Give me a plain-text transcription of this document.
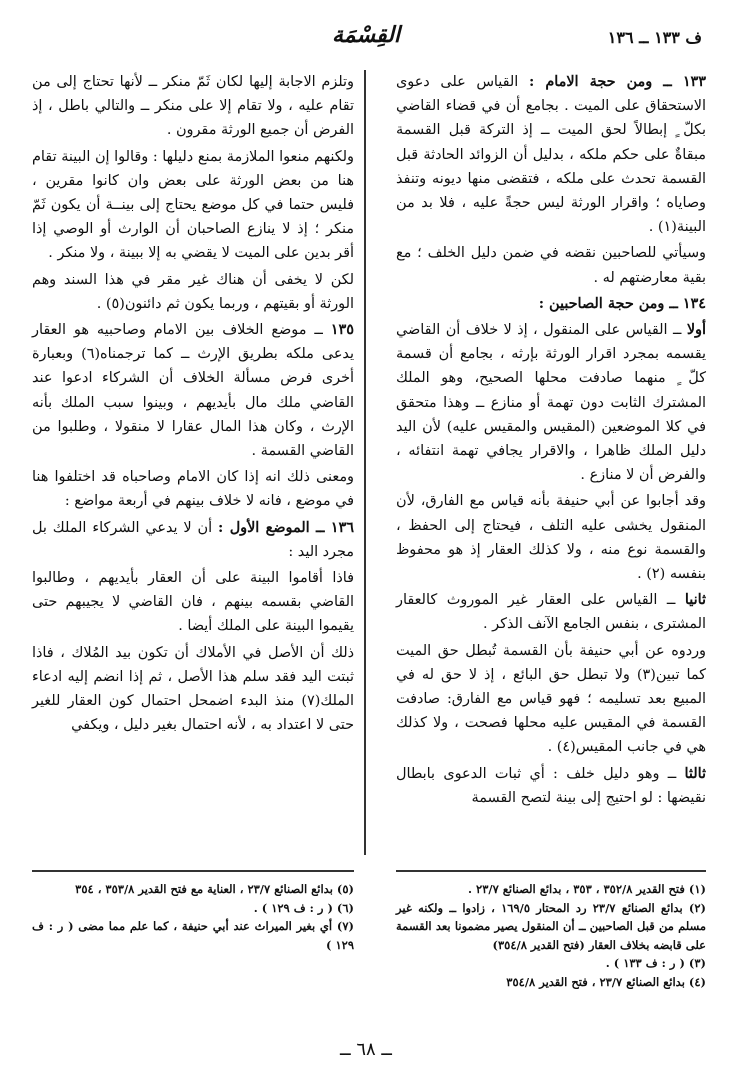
ف ١٣٣ ــ ١٣٦
القِسْمَة

١٣٣ ــ ومن حجة الامام : القياس على دعوى الاستحقاق على الميت . بجامع أن في قضاء القاضي بكلّ ٍ إبطالاً لحق الميت ــ إذ التركة قبل القسمة مبقاةٌ على حكم ملكه ، بدليل أن الزوائد الحادثة قبل القسمة تحدث على ملكه ، فتقضى منها ديونه وتنفذ وصاياه ؛ واقرار الورثة ليس حجةً عليه ، فلا بد من البينة(١) .

وسيأتي للصاحبين نقضه في ضمن دليل الخلف ؛ مع بقية معارضتهم له .

١٣٤ ــ ومن حجة الصاحبين :

أولا ــ القياس على المنقول ، إذ لا خلاف أن القاضي يقسمه بمجرد اقرار الورثة بإرثه ، بجامع أن قسمة كلّ ٍ منهما صادفت محلها الصحيح، وهو الملك المشترك الثابت دون تهمة أو منازع ــ وهذا متحقق في كلا الموضعين (المقيس والمقيس عليه) لأن اليد دليل الملك ظاهرا ، والاقرار يجافي تهمة انتفائه ، والفرض أن لا منازع .

وقد أجابوا عن أبي حنيفة بأنه قياس مع الفارق، لأن المنقول يخشى عليه التلف ، فيحتاج إلى الحفظ ، والقسمة نوع منه ، ولا كذلك العقار إذ هو محفوظ بنفسه (٢) .

ثانيا ــ القياس على العقار غير الموروث كالعقار المشترى ، بنفس الجامع الآنف الذكر .

وردوه عن أبي حنيفة بأن القسمة تُبطل حق الميت كما تبين(٣) ولا تبطل حق البائع ، إذ لا حق له في المبيع بعد تسليمه ؛ فهو قياس مع الفارق: صادفت القسمة في المقيس عليه محلها فصحت ، ولا كذلك هي في جانب المقيس(٤) .

ثالثا ــ وهو دليل خلف : أي ثبات الدعوى بابطال نقيضها : لو احتيج إلى بينة لتصح القسمة

وتلزم الاجابة إليها لكان ثَمّ منكر ــ لأنها تحتاج إلى من تقام عليه ، ولا تقام إلا على منكر ــ والتالي باطل ، إذ الفرض أن جميع الورثة مقرون .

ولكنهم منعوا الملازمة بمنع دليلها : وقالوا إن البينة تقام هنا من بعض الورثة على بعض وان كانوا مقرين ، فليس حتما في كل موضع يحتاج إلى بينــة أن يكون ثَمّ منكر ؛ إذ لا ينازع الصاحبان أن الوارث أو الوصي إذا أقر بدين على الميت لا يقضي به إلا ببينة ، ولا منكر .

لكن لا يخفى أن هناك غير مقر في هذا السند وهم الورثة أو بقيتهم ، وربما يكون ثم دائنون(٥) .

١٣٥ ــ موضع الخلاف بين الامام وصاحبيه هو العقار يدعى ملكه بطريق الإرث ــ كما ترجمناه(٦) وبعبارة أخرى فرض مسألة الخلاف أن الشركاء ادعوا عند القاضي ملك مال بأيديهم ، وبينوا سبب الملك بأنه الإرث ، وكان هذا المال عقارا لا منقولا ، وطلبوا من القاضي القسمة .

ومعنى ذلك انه إذا كان الامام وصاحباه قد اختلفوا هنا في موضع ، فانه لا خلاف بينهم في أربعة مواضع :

١٣٦ ــ الموضع الأول : أن لا يدعي الشركاء الملك بل مجرد اليد :

فاذا أقاموا البينة على أن العقار بأيديهم ، وطالبوا القاضي بقسمه بينهم ، فان القاضي لا يجيبهم حتى يقيموا البينة على الملك أيضا .

ذلك أن الأصل في الأملاك أن تكون بيد المُلاك ، فاذا ثبتت اليد فقد سلم هذا الأصل ، ثم إذا انضم إليه ادعاء الملك(٧) منذ البدء اضمحل احتمال كون العقار للغير حتى لا اعتداد به ، لأنه احتمال بغير دليل ، ويكفي

(١) فتح القدير ٣٥٢/٨ ، ٣٥٣ ، بدائع الصنائع ٢٣/٧ .

(٢) بدائع الصنائع ٢٣/٧ رد المحتار ١٦٩/٥ ، زادوا ــ ولكنه غير مسلم من قبل الصاحبين ــ أن المنقول يصير مضمونا بعد القسمة على قابضه بخلاف العقار (فتح القدير ٣٥٤/٨)

(٣) ( ر : ف ١٣٣ ) .

(٤) بدائع الصنائع ٢٣/٧ ، فتح القدير ٣٥٤/٨

(٥) بدائع الصنائع ٢٣/٧ ، العناية مع فتح القدير ٣٥٣/٨ ، ٣٥٤

(٦) ( ر : ف ١٢٩ ) .

(٧) أي بغير الميراث عند أبي حنيفة ، كما علم مما مضى ( ر : ف ١٢٩ )

ــ ٦٨ ــ
